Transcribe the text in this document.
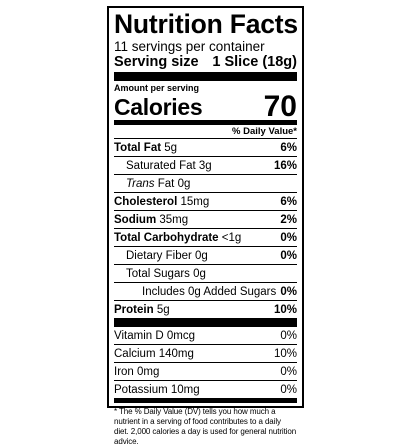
Nutrition Facts
11 servings per container
Serving size 1 Slice (18g)
Amount per serving
Calories 70
% Daily Value*
Total Fat 5g	6%
Saturated Fat 3g	16%
Trans Fat 0g
Cholesterol 15mg	6%
Sodium 35mg	2%
Total Carbohydrate <1g	0%
Dietary Fiber 0g	0%
Total Sugars 0g
Includes 0g Added Sugars 0%
Protein 5g	10%
Vitamin D 0mcg	0%
Calcium 140mg	10%
Iron 0mg	0%
Potassium 10mg	0%
* The % Daily Value (DV) tells you how much a nutrient in a serving of food contributes to a daily diet. 2,000 calories a day is used for general nutrition advice.
